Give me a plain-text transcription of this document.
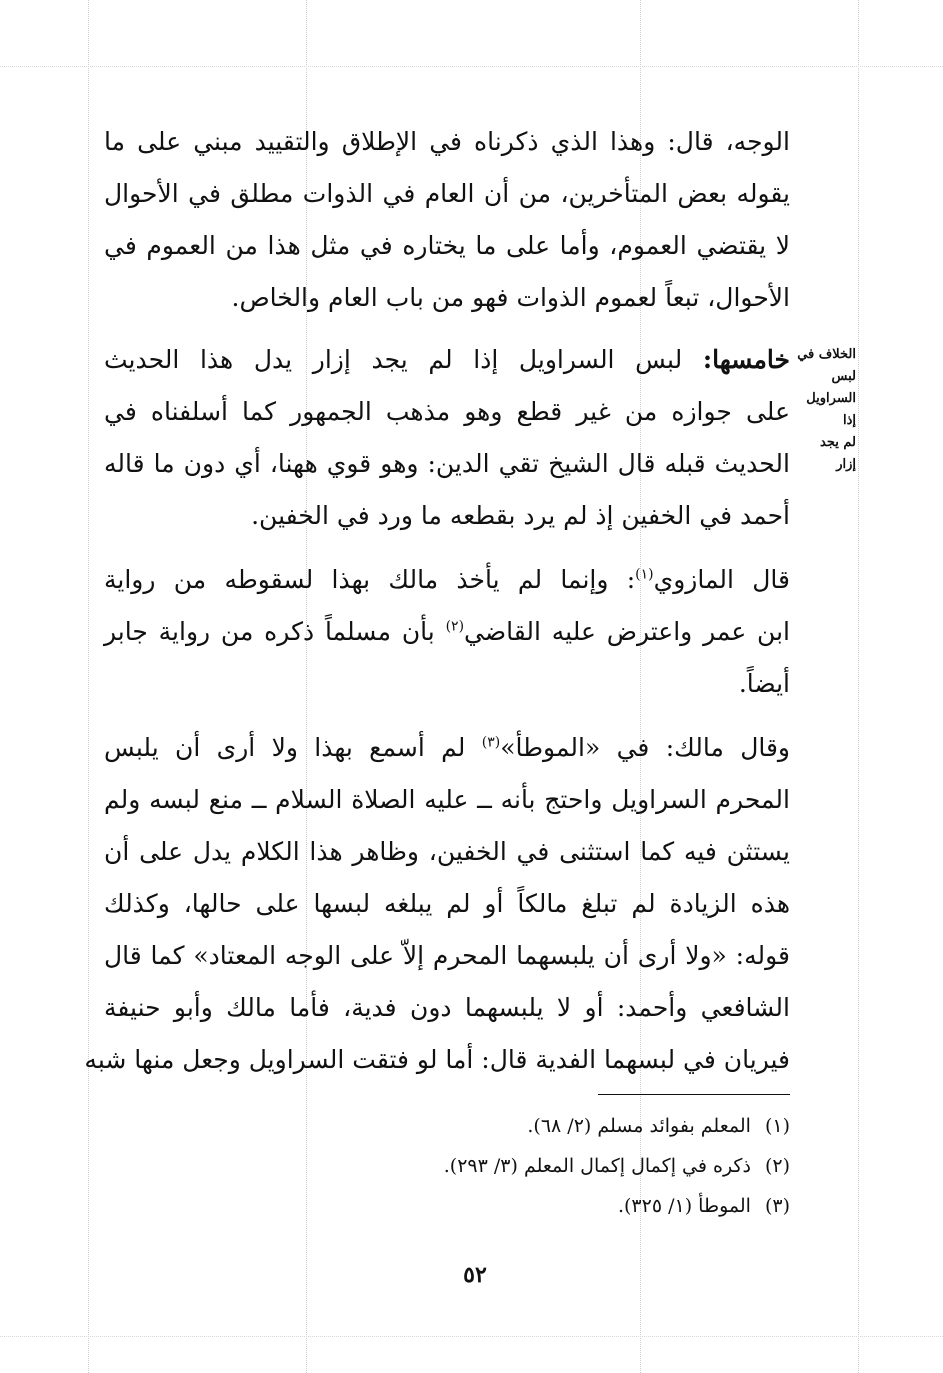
الوجه، قال: وهذا الذي ذكرناه في الإطلاق والتقييد مبني على ما
يقوله بعض المتأخرين، من أن العام في الذوات مطلق في الأحوال
لا يقتضي العموم، وأما على ما يختاره في مثل هذا من العموم في
الأحوال، تبعاً لعموم الذوات فهو من باب العام والخاص.
الخلاف في لبس
السراويل إذا
لم يجد إزار
خامسها: لبس السراويل إذا لم يجد إزار يدل هذا الحديث
على جوازه من غير قطع وهو مذهب الجمهور كما أسلفناه في
الحديث قبله قال الشيخ تقي الدين: وهو قوي ههنا، أي دون ما قاله
أحمد في الخفين إذ لم يرد بقطعه ما ورد في الخفين.
قال المازوي$^{(١)}$: وإنما لم يأخذ مالك بهذا لسقوطه من رواية
ابن عمر واعترض عليه القاضي$^{(٢)}$ بأن مسلماً ذكره من رواية جابر
أيضاً.
وقال مالك: في «الموطأ»$^{(٣)}$ لم أسمع بهذا ولا أرى أن يلبس
المحرم السراويل واحتج بأنه ــ عليه الصلاة السلام ــ منع لبسه ولم
يستثن فيه كما استثنى في الخفين، وظاهر هذا الكلام يدل على أن
هذه الزيادة لم تبلغ مالكاً أو لم يبلغه لبسها على حالها، وكذلك
قوله: «ولا أرى أن يلبسهما المحرم إلاّ على الوجه المعتاد» كما قال
الشافعي وأحمد: أو لا يلبسهما دون فدية، فأما مالك وأبو حنيفة
فيريان في لبسهما الفدية قال: أما لو فتقت السراويل وجعل منها شبه
(١)المعلم بفوائد مسلم (٢/ ٦٨).
(٢)ذكره في إكمال إكمال المعلم (٣/ ٢٩٣).
(٣)الموطأ (١/ ٣٢٥).
٥٢
